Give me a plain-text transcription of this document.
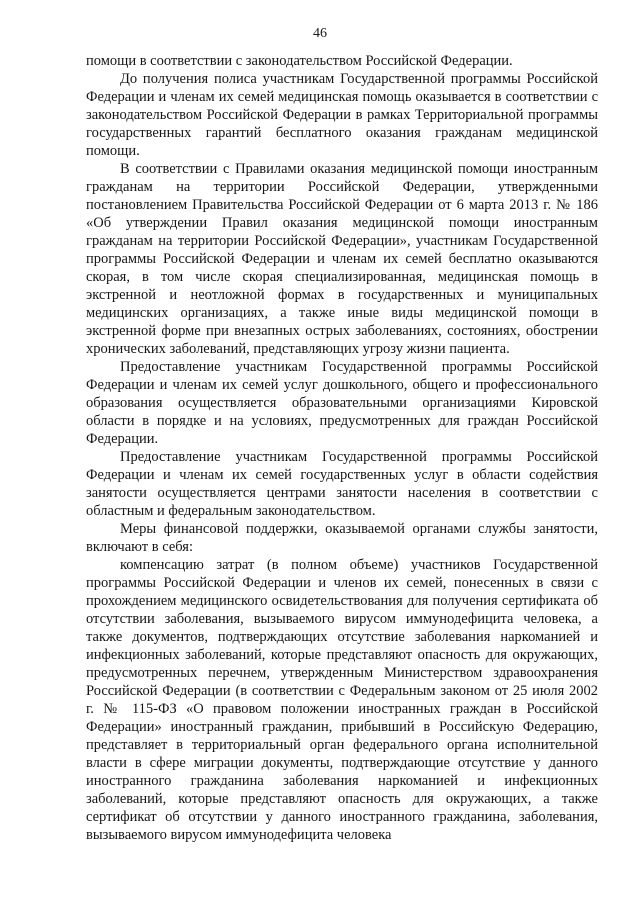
46

помощи в соответствии с законодательством Российской Федерации.

До получения полиса участникам Государственной программы Российской Федерации и членам их семей медицинская помощь оказывается в соответствии с законодательством Российской Федерации в рамках Территориальной программы государственных гарантий бесплатного оказания гражданам медицинской помощи.

В соответствии с Правилами оказания медицинской помощи иностранным гражданам на территории Российской Федерации, утвержденными постановлением Правительства Российской Федерации от 6 марта 2013 г. № 186 «Об утверждении Правил оказания медицинской помощи иностранным гражданам на территории Российской Федерации», участникам Государственной программы Российской Федерации и членам их семей бесплатно оказываются скорая, в том числе скорая специализированная, медицинская помощь в экстренной и неотложной формах в государственных и муниципальных медицинских организациях, а также иные виды медицинской помощи в экстренной форме при внезапных острых заболеваниях, состояниях, обострении хронических заболеваний, представляющих угрозу жизни пациента.

Предоставление участникам Государственной программы Российской Федерации и членам их семей услуг дошкольного, общего и профессионального образования осуществляется образовательными организациями Кировской области в порядке и на условиях, предусмотренных для граждан Российской Федерации.

Предоставление участникам Государственной программы Российской Федерации и членам их семей государственных услуг в области содействия занятости осуществляется центрами занятости населения в соответствии с областным и федеральным законодательством.

Меры финансовой поддержки, оказываемой органами службы занятости, включают в себя:

компенсацию затрат (в полном объеме) участников Государственной программы Российской Федерации и членов их семей, понесенных в связи с прохождением медицинского освидетельствования для получения сертификата об отсутствии заболевания, вызываемого вирусом иммунодефицита человека, а также документов, подтверждающих отсутствие заболевания наркоманией и инфекционных заболеваний, которые представляют опасность для окружающих, предусмотренных перечнем, утвержденным Министерством здравоохранения Российской Федерации (в соответствии с Федеральным законом от 25 июля 2002 г. № 115-ФЗ «О правовом положении иностранных граждан в Российской Федерации» иностранный гражданин, прибывший в Российскую Федерацию, представляет в территориальный орган федерального органа исполнительной власти в сфере миграции документы, подтверждающие отсутствие у данного иностранного гражданина заболевания наркоманией и инфекционных заболеваний, которые представляют опасность для окружающих, а также сертификат об отсутствии у данного иностранного гражданина, заболевания, вызываемого вирусом иммунодефицита человека
